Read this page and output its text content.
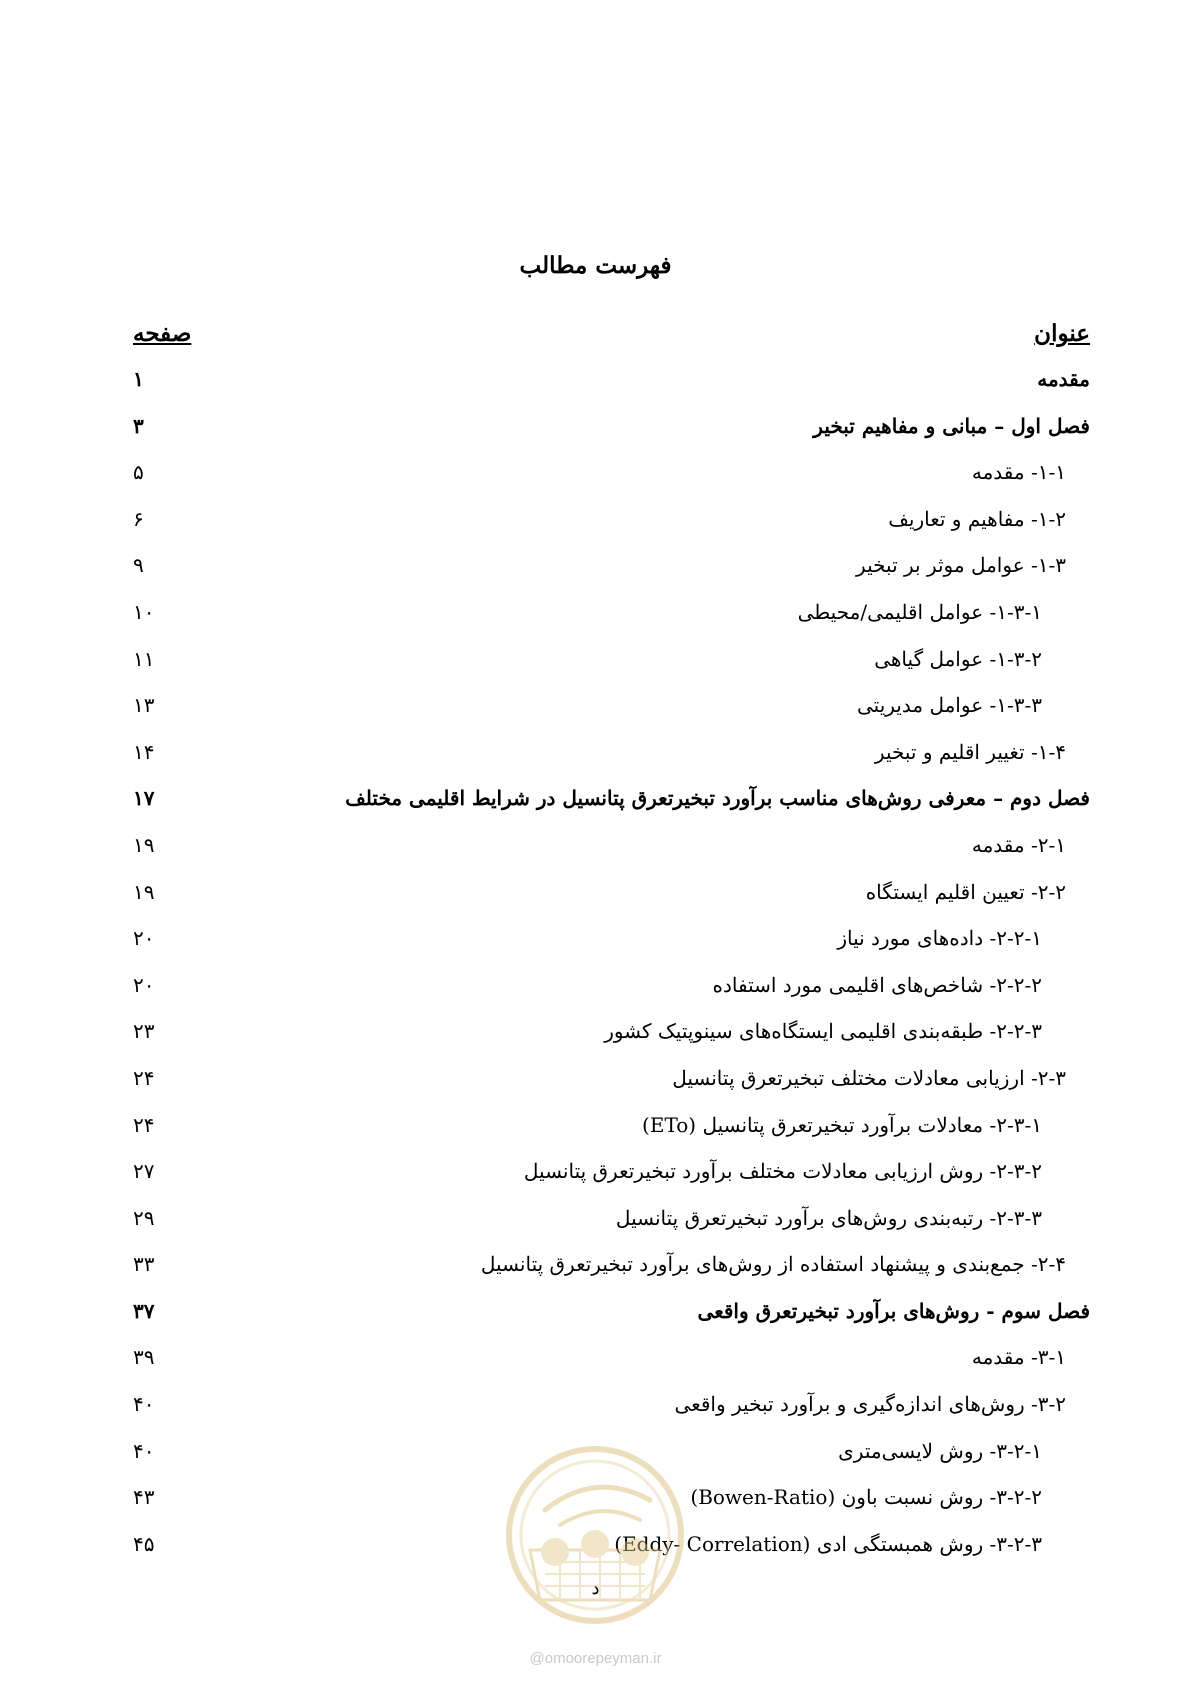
فهرست مطالب
عنوان
صفحه
مقدمه
۱
فصل اول – مبانی و مفاهیم تبخیر
۳
۱-۱- مقدمه
۵
۱-۲- مفاهیم و تعاریف
۶
۱-۳- عوامل موثر بر تبخیر
۹
۱-۳-۱- عوامل اقلیمی/محیطی
۱۰
۱-۳-۲- عوامل گیاهی
۱۱
۱-۳-۳- عوامل مدیریتی
۱۳
۱-۴- تغییر اقلیم و تبخیر
۱۴
فصل دوم – معرفی روش‌های مناسب برآورد تبخیرتعرق پتانسیل در شرایط اقلیمی مختلف
۱۷
۲-۱- مقدمه
۱۹
۲-۲- تعیین اقلیم ایستگاه
۱۹
۲-۲-۱- داده‌های مورد نیاز
۲۰
۲-۲-۲- شاخص‌های اقلیمی مورد استفاده
۲۰
۲-۲-۳- طبقه‌بندی اقلیمی ایستگاه‌های سینوپتیک کشور
۲۳
۲-۳- ارزیابی معادلات مختلف تبخیرتعرق پتانسیل
۲۴
۲-۳-۱- معادلات برآورد تبخیرتعرق پتانسیل (ETo)
۲۴
۲-۳-۲- روش ارزیابی معادلات مختلف برآورد تبخیرتعرق پتانسیل
۲۷
۲-۳-۳- رتبه‌بندی روش‌های برآورد تبخیرتعرق پتانسیل
۲۹
۲-۴- جمع‌بندی و پیشنهاد استفاده از روش‌های برآورد تبخیرتعرق پتانسیل
۳۳
فصل سوم - روش‌های برآورد تبخیرتعرق واقعی
۳۷
۳-۱- مقدمه
۳۹
۳-۲- روش‌های اندازه‌گیری و برآورد تبخیر واقعی
۴۰
۳-۲-۱- روش لایسی‌متری
۴۰
۳-۲-۲- روش نسبت باون (Bowen-Ratio)
۴۳
۳-۲-۳- روش همبستگی ادی (Eddy- Correlation)
۴۵
د
@omoorepeyman.ir
